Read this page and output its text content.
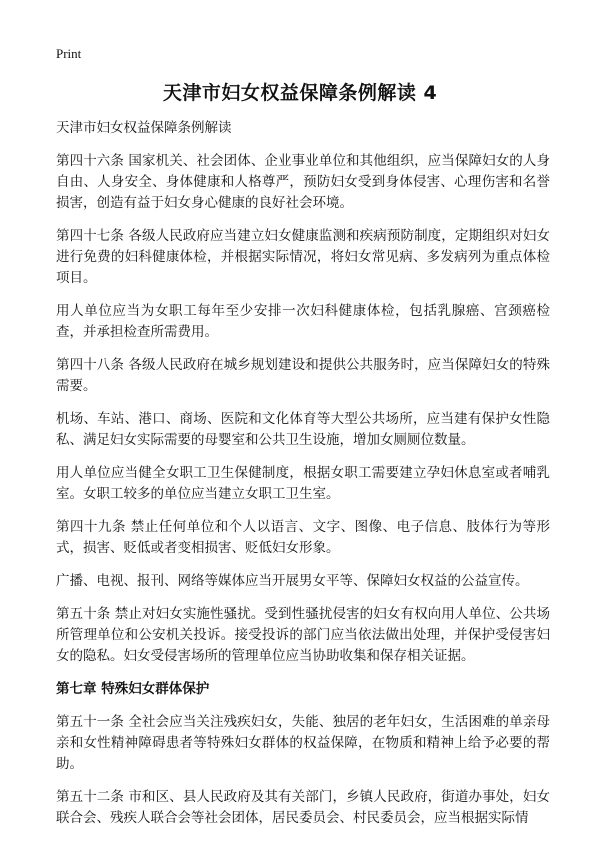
Print
天津市妇女权益保障条例解读 4

天津市妇女权益保障条例解读

第四十六条 国家机关、社会团体、企业事业单位和其他组织，应当保障妇女的人身自由、人身安全、身体健康和人格尊严，预防妇女受到身体侵害、心理伤害和名誉损害，创造有益于妇女身心健康的良好社会环境。

第四十七条 各级人民政府应当建立妇女健康监测和疾病预防制度，定期组织对妇女进行免费的妇科健康体检，并根据实际情况，将妇女常见病、多发病列为重点体检项目。

用人单位应当为女职工每年至少安排一次妇科健康体检，包括乳腺癌、宫颈癌检查，并承担检查所需费用。

第四十八条 各级人民政府在城乡规划建设和提供公共服务时，应当保障妇女的特殊需要。

机场、车站、港口、商场、医院和文化体育等大型公共场所，应当建有保护女性隐私、满足妇女实际需要的母婴室和公共卫生设施，增加女厕厕位数量。

用人单位应当健全女职工卫生保健制度，根据女职工需要建立孕妇休息室或者哺乳室。女职工较多的单位应当建立女职工卫生室。

第四十九条 禁止任何单位和个人以语言、文字、图像、电子信息、肢体行为等形式，损害、贬低或者变相损害、贬低妇女形象。

广播、电视、报刊、网络等媒体应当开展男女平等、保障妇女权益的公益宣传。

第五十条 禁止对妇女实施性骚扰。受到性骚扰侵害的妇女有权向用人单位、公共场所管理单位和公安机关投诉。接受投诉的部门应当依法做出处理，并保护受侵害妇女的隐私。妇女受侵害场所的管理单位应当协助收集和保存相关证据。

第七章 特殊妇女群体保护

第五十一条 全社会应当关注残疾妇女，失能、独居的老年妇女，生活困难的单亲母亲和女性精神障碍患者等特殊妇女群体的权益保障，在物质和精神上给予必要的帮助。

第五十二条 市和区、县人民政府及其有关部门，乡镇人民政府，街道办事处，妇女联合会、残疾人联合会等社会团体，居民委员会、村民委员会，应当根据实际情
